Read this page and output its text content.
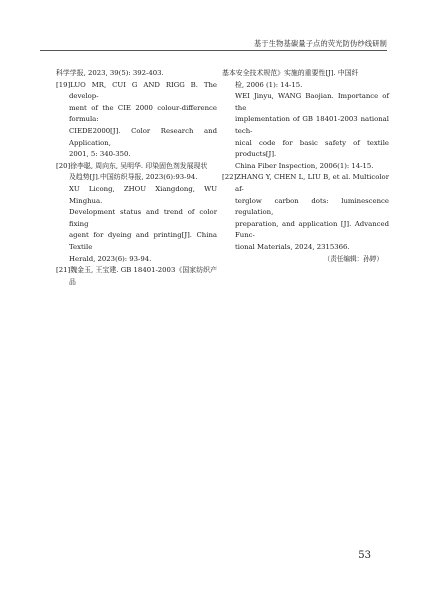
基于生物基碳量子点的荧光防伪纱线研制

科学学报, 2023, 39(5): 392-403.

[19]LUO MR, CUI G AND RIGG B. The develop-
ment of the CIE 2000 colour-difference formula:
CIEDE2000[J]. Color Research and Application,
2001, 5: 340-350.

[20]徐李聪, 周向东, 吴明华. 印染固色剂发展现状
及趋势[J].中国纺织导报, 2023(6):93-94.
XU Licong, ZHOU Xiangdong, WU Minghua.
Development status and trend of color fixing
agent for dyeing and printing[J]. China Textile
Herald, 2023(6): 93-94.

[21]魏金玉, 王宝建. GB 18401-2003《国家纺织产品

基本安全技术规范》实施的重要性[J]. 中国纤
检, 2006 (1): 14-15.
WEI Jinyu, WANG Baojian. Importance of the
implementation of GB 18401-2003 national tech-
nical code for basic safety of textile products[J].
China Fiber Inspection, 2006(1): 14-15.

[22]ZHANG Y, CHEN L, LIU B, et al. Multicolor af-
terglow carbon dots: luminescence regulation,
preparation, and application [J]. Advanced Func-
tional Materials, 2024, 2315366.

（责任编辑：孙婷）
53
